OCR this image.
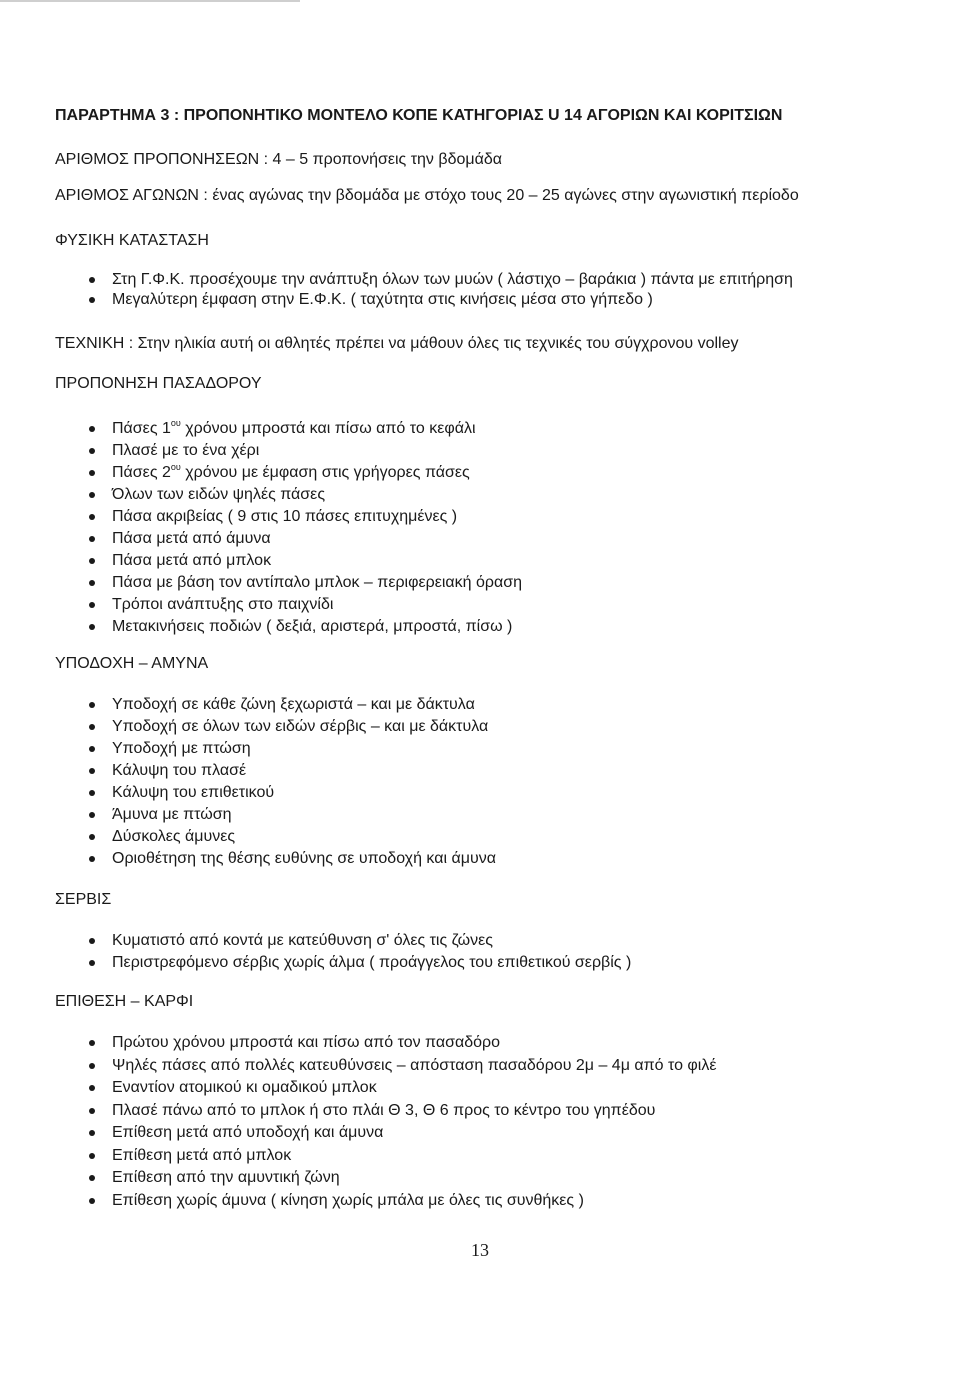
ΠΑΡΑΡΤΗΜΑ 3 : ΠΡΟΠΟΝΗΤΙΚΟ ΜΟΝΤΕΛΟ ΚΟΠΕ ΚΑΤΗΓΟΡΙΑΣ U 14 ΑΓΟΡΙΩΝ ΚΑΙ ΚΟΡΙΤΣΙΩΝ
ΑΡΙΘΜΟΣ ΠΡΟΠΟΝΗΣΕΩΝ : 4 – 5 προπονήσεις την βδομάδα
ΑΡΙΘΜΟΣ ΑΓΩΝΩΝ : ένας αγώνας την βδομάδα με στόχο τους 20 – 25 αγώνες στην αγωνιστική περίοδο
ΦΥΣΙΚΗ ΚΑΤΑΣΤΑΣΗ
Στη Γ.Φ.Κ. προσέχουμε την ανάπτυξη όλων των μυών ( λάστιχο – βαράκια ) πάντα με επιτήρηση
Μεγαλύτερη έμφαση στην Ε.Φ.Κ. ( ταχύτητα στις κινήσεις μέσα στο γήπεδο )
ΤΕΧΝΙΚΗ : Στην ηλικία αυτή οι αθλητές πρέπει να μάθουν όλες τις τεχνικές του σύγχρονου volley
ΠΡΟΠΟΝΗΣΗ ΠΑΣΑΔΟΡΟΥ
Πάσες $1^{o\upsilon}$ χρόνου μπροστά και πίσω από το κεφάλι
Πλασέ με το ένα χέρι
Πάσες $2^{o\upsilon}$ χρόνου με έμφαση στις γρήγορες πάσες
Όλων των ειδών ψηλές πάσες
Πάσα ακριβείας ( 9 στις 10 πάσες επιτυχημένες )
Πάσα μετά από άμυνα
Πάσα μετά από μπλοκ
Πάσα με βάση τον αντίπαλο μπλοκ – περιφερειακή όραση
Τρόποι ανάπτυξης στο παιχνίδι
Μετακινήσεις ποδιών ( δεξιά, αριστερά, μπροστά, πίσω )
ΥΠΟΔΟΧΗ – ΑΜΥΝΑ
Υποδοχή σε κάθε ζώνη ξεχωριστά – και με δάκτυλα
Υποδοχή σε όλων των ειδών σέρβις – και με δάκτυλα
Υποδοχή με πτώση
Κάλυψη του πλασέ
Κάλυψη του επιθετικού
Άμυνα με πτώση
Δύσκολες άμυνες
Οριοθέτηση της θέσης ευθύνης σε υποδοχή και άμυνα
ΣΕΡΒΙΣ
Κυματιστό από κοντά με κατεύθυνση σ' όλες τις ζώνες
Περιστρεφόμενο σέρβις χωρίς άλμα ( προάγγελος του επιθετικού σερβίς )
ΕΠΙΘΕΣΗ – ΚΑΡΦΙ
Πρώτου χρόνου μπροστά και πίσω από τον πασαδόρο
Ψηλές πάσες από πολλές κατευθύνσεις – απόσταση πασαδόρου 2μ – 4μ από το φιλέ
Εναντίον ατομικού κι ομαδικού μπλοκ
Πλασέ πάνω από το μπλοκ ή στο πλάι Θ 3, Θ 6 προς το κέντρο του γηπέδου
Επίθεση μετά από υποδοχή και άμυνα
Επίθεση μετά από μπλοκ
Επίθεση από την αμυντική ζώνη
Επίθεση χωρίς άμυνα ( κίνηση χωρίς μπάλα με όλες τις συνθήκες )
13
